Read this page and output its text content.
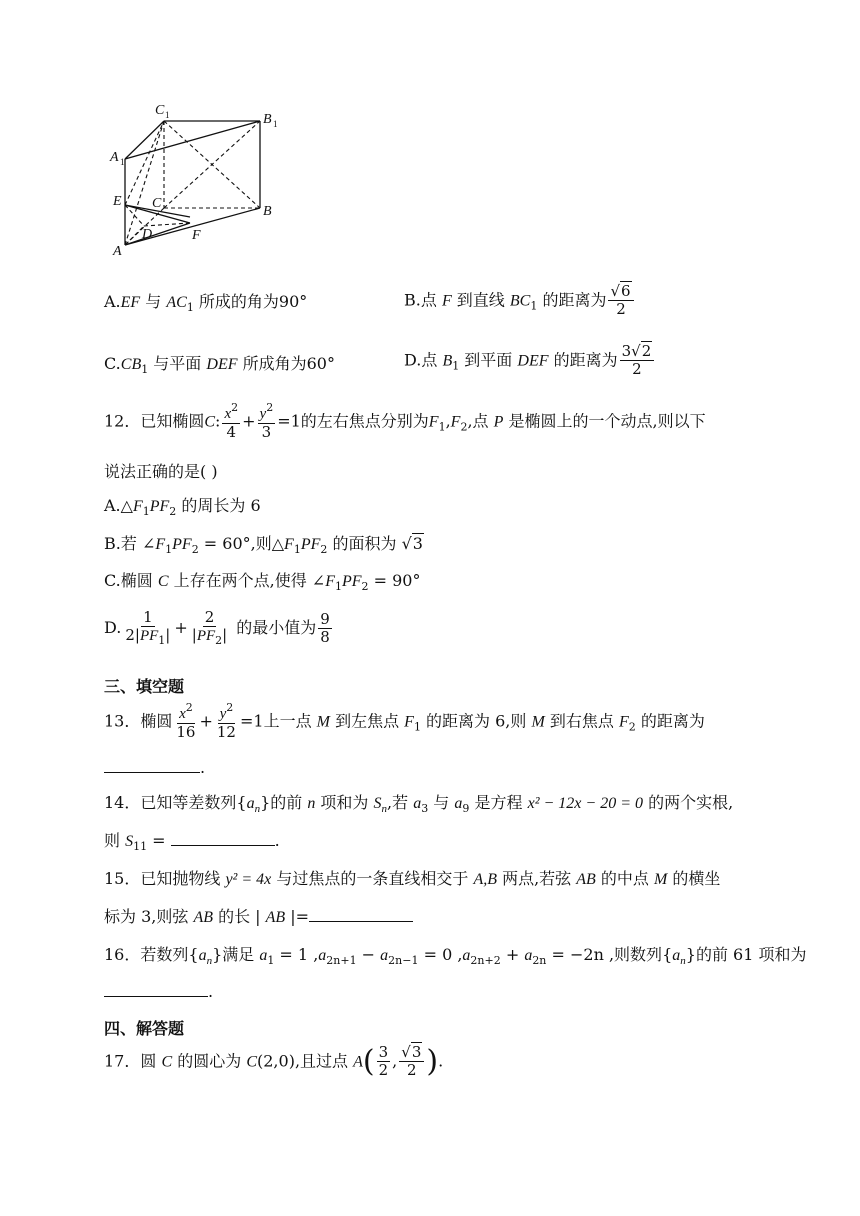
C 1	B 1
A 1
E C
B
D	F
A
A.EF 与 $AC_1$ 所成的角为90°	B.点 F 到直线 $BC_1$ 的距离为 $\frac{√6}{2}$
$C.CB_1$ 与平面 DEF 所成角为60°	D.点 $B_1$ 到平面 DEF 的距离为 $\frac{3√2}{2}$
12．已知椭圆C: $\frac{x^2}{4} + \frac{y^2}{3} =1$的左右焦点分别为$F_1,F_2$,点 P 是椭圆上的一个动点,则以下
说法正确的是( )
$A.\triangle F_1PF_2$ 的周长为 6
B.若 $\angle F_1PF_2 = 60^\circ$,则$\triangle F_1PF_2$ 的面积为 √3
C.椭圆 C 上存在两个点,使得 $\angle F_1PF_2 = 90^\circ$
D. $\frac{1}{2|PF_1|} + \frac{2}{|PF_2|}$ 的最小值为 $\frac{9}{8}$
三、填空题
13．椭圆 $\frac{x^2}{16} + \frac{y^2}{12} =1$上一点 M 到左焦点 $F_1$ 的距离为 6,则 M 到右焦点 $F_2$ 的距离为
.
14．已知等差数列$\{a_n\}$的前 n 项和为 $S_n$,若 $a_3$ 与 $a_9$ 是方程 x² − 12x − 20 = 0 的两个实根,
则 $S_{11}$ =	.
15．已知抛物线 y² = 4x 与过焦点的一条直线相交于 A,B 两点,若弦 AB 的中点 M 的横坐
标为 3,则弦 AB 的长 | AB |=
16．若数列$\{a_n\}$满足 $a_1 = 1$ $,a_{2n+1} - a_{2n-1} = 0$ $,a_{2n+2} + a_{2n} = -2n$ ,则数列$\{a_n\}$的前 61 项和为
.
四、解答题
17．圆 C 的圆心为 C(2,0),且过点 $A( \frac{3}{2}$ , $\frac{√3}{2}$ ).
